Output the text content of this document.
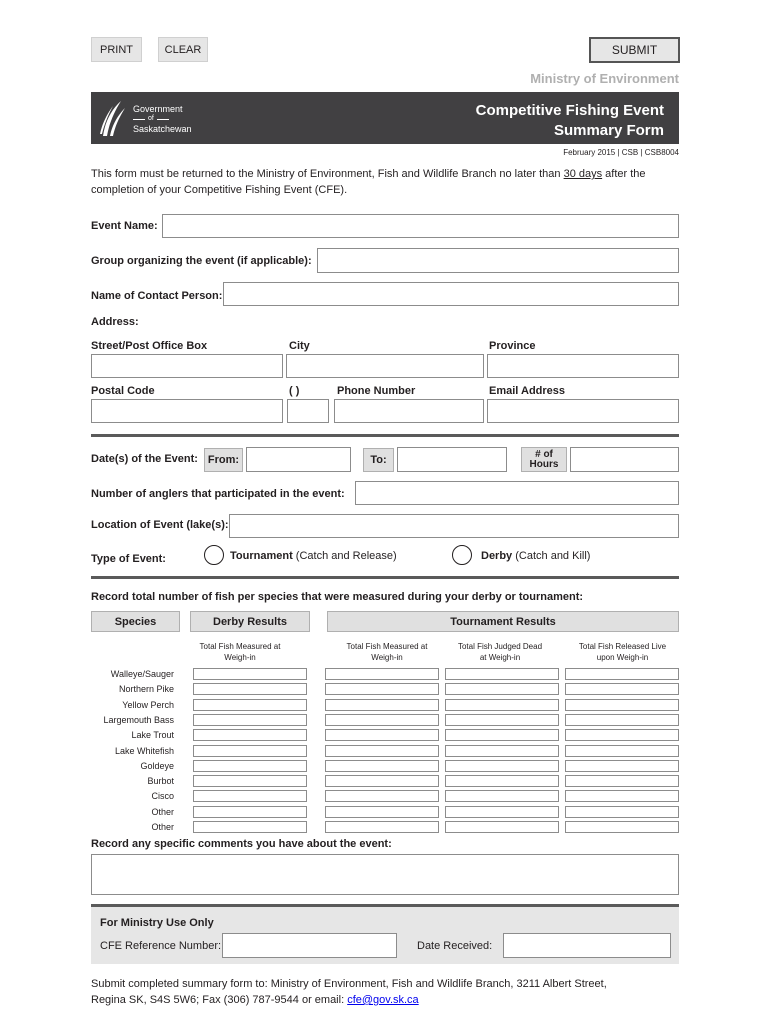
PRINT	CLEAR	SUBMIT
Ministry of Environment
Government
of
Saskatchewan
Competitive Fishing Event
Summary Form
February 2015 | CSB | CSB8004
This form must be returned to the Ministry of Environment, Fish and Wildlife Branch no later than 30 days after the completion of your Competitive Fishing Event (CFE).
Event Name:
Group organizing the event (if applicable):
Name of Contact Person:
Address:
Street/Post Office Box	City	Province
Postal Code	( )	Phone Number	Email Address
Date(s) of the Event: From:	To:	# of
Hours
Number of anglers that participated in the event:
Location of Event (lake(s):
Type of Event:	Tournament (Catch and Release)	Derby (Catch and Kill)
Record total number of fish per species that were measured during your derby or tournament:
Species	Derby Results	Tournament Results
Total Fish Measured at Weigh-in
Total Fish Measured at Weigh-in
Total Fish Judged Dead at Weigh-in
Total Fish Released Live upon Weigh-in
Walleye/Sauger
Northern Pike
Yellow Perch
Largemouth Bass
Lake Trout
Lake Whitefish
Goldeye
Burbot
Cisco
Other
Other
Record any specific comments you have about the event:
For Ministry Use Only
CFE Reference Number:	Date Received:
Submit completed summary form to: Ministry of Environment, Fish and Wildlife Branch, 3211 Albert Street,
Regina SK, S4S 5W6; Fax (306) 787-9544 or email: cfe@gov.sk.ca
